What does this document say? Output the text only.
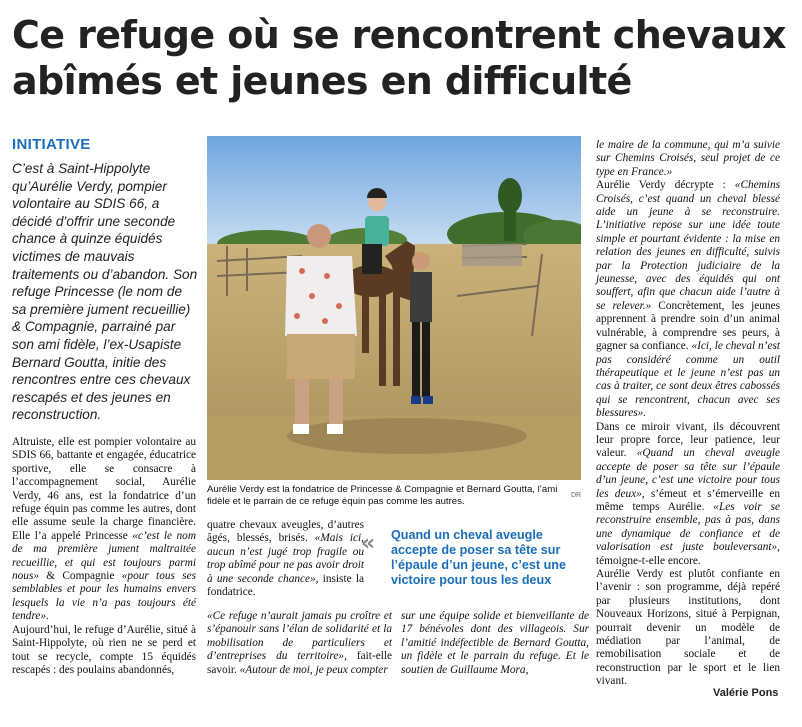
Ce refuge où se rencontrent chevaux abîmés et jeunes en difficulté
INITIATIVE
C’est à Saint-Hippolyte qu’Aurélie Verdy, pompier volontaire au SDIS 66, a décidé d’offrir une seconde chance à quinze équidés victimes de mauvais traitements ou d’abandon. Son refuge Princesse (le nom de sa première jument recueillie) & Compagnie, parrainé par son ami fidèle, l’ex-Usapiste Bernard Goutta, initie des rencontres entre ces chevaux rescapés et des jeunes en reconstruction.

Altruiste, elle est pompier volontaire au SDIS 66, battante et engagée, éducatrice sportive, elle se consacre à l’accompagnement social, Aurélie Verdy, 46 ans, est la fondatrice d’un refuge équin pas comme les autres, dont elle assume seule la charge financière. Elle l’a appelé Princesse «c’est le nom de ma première jument maltraitée recueillie, et qui est toujours parmi nous» & Compagnie «pour tous ses semblables et pour les humains envers lesquels la vie n’a pas toujours été tendre».

Aujourd’hui, le refuge d’Aurélie, situé à Saint-Hippolyte, où rien ne se perd et tout se recycle, compte 15 équidés rescapés : des poulains abandonnés,

Aurélie Verdy est la fondatrice de Princesse & Compagnie et Bernard Goutta, l’ami fidèle et le parrain de ce refuge équin pas comme les autres.
DR

quatre chevaux aveugles, d’autres âgés, blessés, brisés. «Mais ici, aucun n’est jugé trop fragile ou trop abîmé pour ne pas avoir droit à une seconde chance», insiste la fondatrice.

« Quand un cheval aveugle accepte de poser sa tête sur l’épaule d’un jeune, c’est une victoire pour tous les deux

«Ce refuge n’aurait jamais pu croître et s’épanouir sans l’élan de solidarité et la mobilisation de particuliers et d’entreprises du territoire», fait-elle savoir. «Autour de moi, je peux compter

sur une équipe solide et bienveillante de 17 bénévoles dont des villageois. Sur l’amitié indéfectible de Bernard Goutta, un fidèle et le parrain du refuge. Et le soutien de Guillaume Mora,

le maire de la commune, qui m’a suivie sur Chemins Croisés, seul projet de ce type en France.»

Aurélie Verdy décrypte : «Chemins Croisés, c’est quand un cheval blessé aide un jeune à se reconstruire. L’initiative repose sur une idée toute simple et pourtant évidente : la mise en relation des jeunes en difficulté, suivis par la Protection judiciaire de la jeunesse, avec des équidés qui ont souffert, afin que chacun aide l’autre à se relever.» Concrètement, les jeunes apprennent à prendre soin d’un animal vulnérable, à comprendre ses peurs, à gagner sa confiance. «Ici, le cheval n’est pas considéré comme un outil thérapeutique et le jeune n’est pas un cas à traiter, ce sont deux êtres cabossés qui se rencontrent, chacun avec ses blessures».

Dans ce miroir vivant, ils découvrent leur propre force, leur patience, leur valeur. «Quand un cheval aveugle accepte de poser sa tête sur l’épaule d’un jeune, c’est une victoire pour tous les deux», s’émeut et s’émerveille en même temps Aurélie. «Les voir se reconstruire ensemble, pas à pas, dans une dynamique de confiance et de valorisation est juste bouleversant», témoigne-t-elle encore.

Aurélie Verdy est plutôt confiante en l’avenir : son programme, déjà repéré par plusieurs institutions, dont Nouveaux Horizons, situé à Perpignan, pourrait devenir un modèle de médiation par l’animal, de remobilisation sociale et de reconstruction par le sport et le lien vivant.

Valérie Pons
